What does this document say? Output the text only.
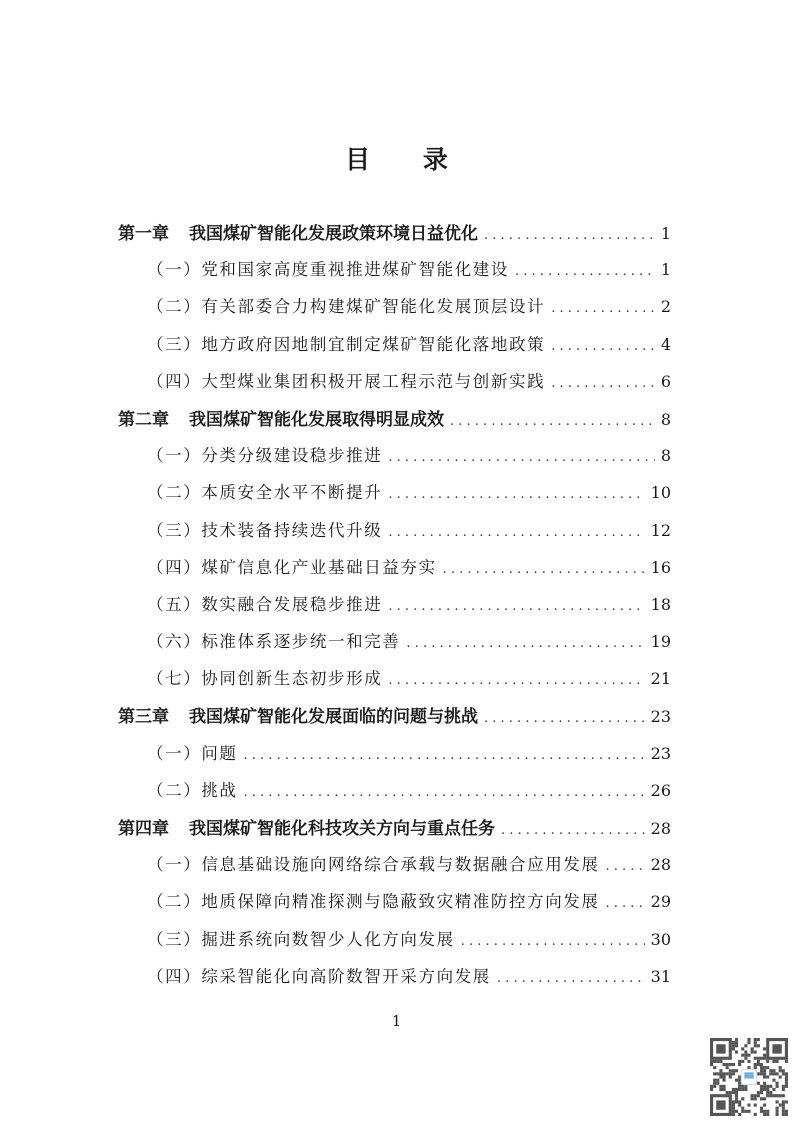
目 录
第一章 我国煤矿智能化发展政策环境日益优化 . . .	1
（一） 党和国家高度重视推进煤矿智能化建设 . . .	1
（二） 有关部委合力构建煤矿智能化发展顶层设计 . . .	2
（三） 地方政府因地制宜制定煤矿智能化落地政策 . . .	4
（四） 大型煤业集团积极开展工程示范与创新实践 . . .	6
第二章 我国煤矿智能化发展取得明显成效 . . .	8
（一） 分类分级建设稳步推进 . . .	8
（二） 本质安全水平不断提升 . . .	10
（三） 技术装备持续迭代升级 . . .	12
（四） 煤矿信息化产业基础日益夯实 . . .	16
（五） 数实融合发展稳步推进 . . .	18
（六） 标准体系逐步统一和完善 . . .	19
（七） 协同创新生态初步形成 . . .	21
第三章 我国煤矿智能化发展面临的问题与挑战 . . .	23
（一） 问题 . . .	23
（二） 挑战 . . .	26
第四章 我国煤矿智能化科技攻关方向与重点任务 . . .	28
（一） 信息基础设施向网络综合承载与数据融合应用发展 . . .	28
（二） 地质保障向精准探测与隐蔽致灾精准防控方向发展 . . .	29
（三） 掘进系统向数智少人化方向发展 . . .	30
（四） 综采智能化向高阶数智开采方向发展 . . .	31
1
